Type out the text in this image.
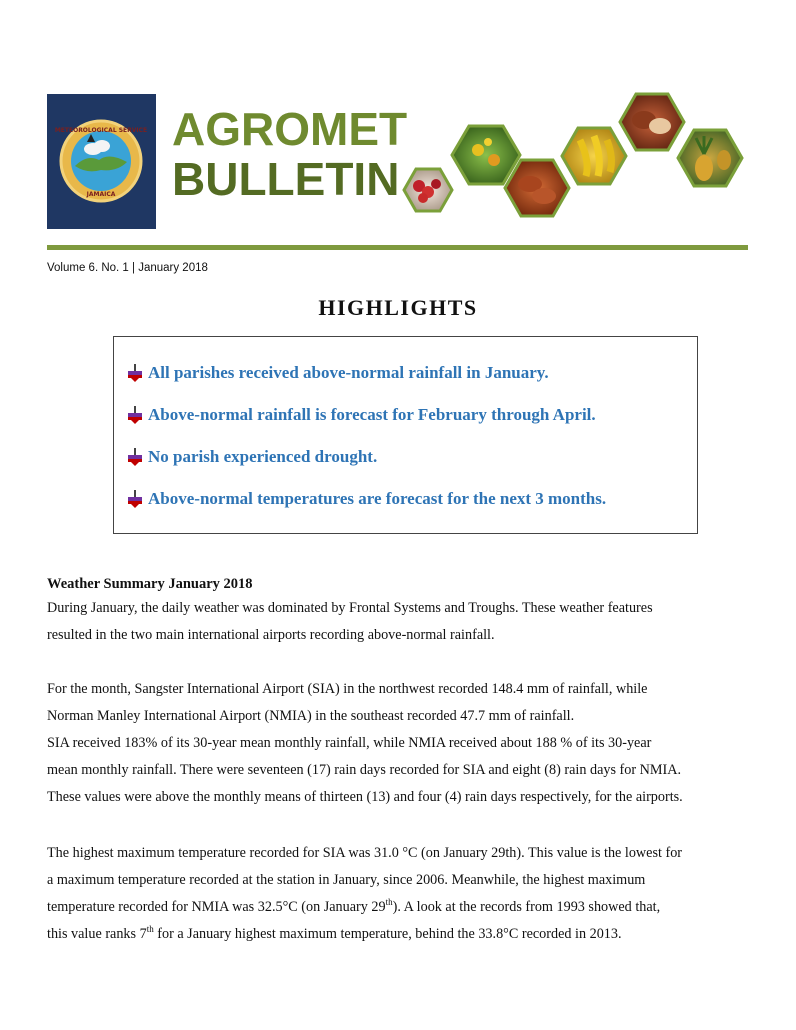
METEOROLOGICAL SERVICE
JAMAICA
AGROMET
BULLETIN
Volume 6. No. 1 | January 2018
HIGHLIGHTS
All parishes received above-normal rainfall in January.
Above-normal rainfall is forecast for February through April.
No parish experienced drought.
Above-normal temperatures are forecast for the next 3 months.
Weather Summary January 2018
During January, the daily weather was dominated by Frontal Systems and Troughs. These weather features
resulted in the two main international airports recording above-normal rainfall.
For the month, Sangster International Airport (SIA) in the northwest recorded 148.4 mm of rainfall, while
Norman Manley International Airport (NMIA) in the southeast recorded 47.7 mm of rainfall.
SIA received 183% of its 30-year mean monthly rainfall, while NMIA received about 188 % of its 30-year
mean monthly rainfall. There were seventeen (17) rain days recorded for SIA and eight (8) rain days for NMIA.
These values were above the monthly means of thirteen (13) and four (4) rain days respectively, for the airports.
The highest maximum temperature recorded for SIA was 31.0 °C (on January 29th). This value is the lowest for
a maximum temperature recorded at the station in January, since 2006. Meanwhile, the highest maximum
temperature recorded for NMIA was 32.5°C (on January 29th). A look at the records from 1993 showed that,
this value ranks 7th for a January highest maximum temperature, behind the 33.8°C recorded in 2013.
